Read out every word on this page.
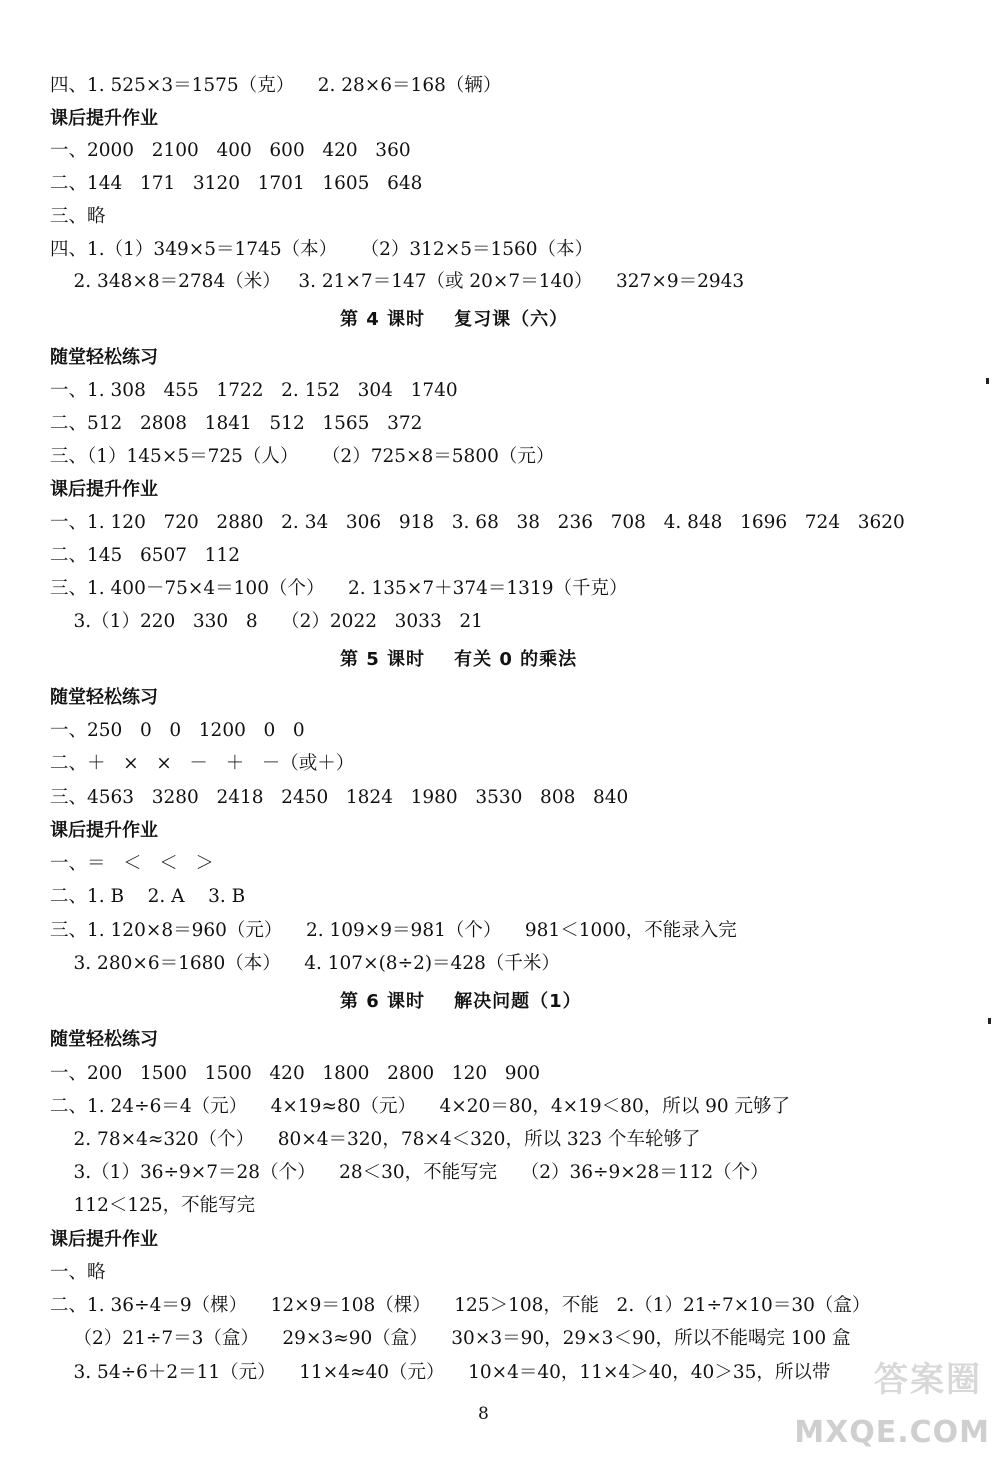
四、1. 525×3＝1575（克）    2. 28×6＝168（辆）
课后提升作业
一、2000   2100   400   600   420   360
二、144   171   3120   1701   1605   648
三、略
四、1.（1）349×5＝1745（本）    （2）312×5＝1560（本）
2. 348×8＝2784（米）   3. 21×7＝147（或 20×7＝140）    327×9＝2943
第 4 课时    复习课（六）
随堂轻松练习
一、1. 308   455   1722   2. 152   304   1740
二、512   2808   1841   512   1565   372
三、（1）145×5＝725（人）    （2）725×8＝5800（元）
课后提升作业
一、1. 120   720   2880   2. 34   306   918   3. 68   38   236   708   4. 848   1696   724   3620
二、145   6507   112
三、1. 400－75×4＝100（个）    2. 135×7＋374＝1319（千克）
3.（1）220   330   8    （2）2022   3033   21
第 5 课时    有关 0 的乘法
随堂轻松练习
一、250   0   0   1200   0   0
二、＋   ×   ×   －   ＋   －（或＋）
三、4563   3280   2418   2450   1824   1980   3530   808   840
课后提升作业
一、＝   ＜   ＜   ＞
二、1. B    2. A    3. B
三、1. 120×8＝960（元）    2. 109×9＝981（个）    981＜1000，不能录入完
3. 280×6＝1680（本）    4. 107×(8÷2)＝428（千米）
第 6 课时    解决问题（1）
随堂轻松练习
一、200   1500   1500   420   1800   2800   120   900
二、1. 24÷6＝4（元）    4×19≈80（元）    4×20＝80，4×19＜80，所以 90 元够了
2. 78×4≈320（个）    80×4＝320，78×4＜320，所以 323 个车轮够了
3.（1）36÷9×7＝28（个）    28＜30，不能写完    （2）36÷9×28＝112（个）
112＜125，不能写完
课后提升作业
一、略
二、1. 36÷4＝9（棵）    12×9＝108（棵）    125＞108，不能   2.（1）21÷7×10＝30（盒）
（2）21÷7＝3（盒）    29×3≈90（盒）    30×3＝90，29×3＜90，所以不能喝完 100 盒
3. 54÷6＋2＝11（元）    11×4≈40（元）    10×4＝40，11×4＞40，40＞35，所以带
8
答案圈
MXQE.COM
